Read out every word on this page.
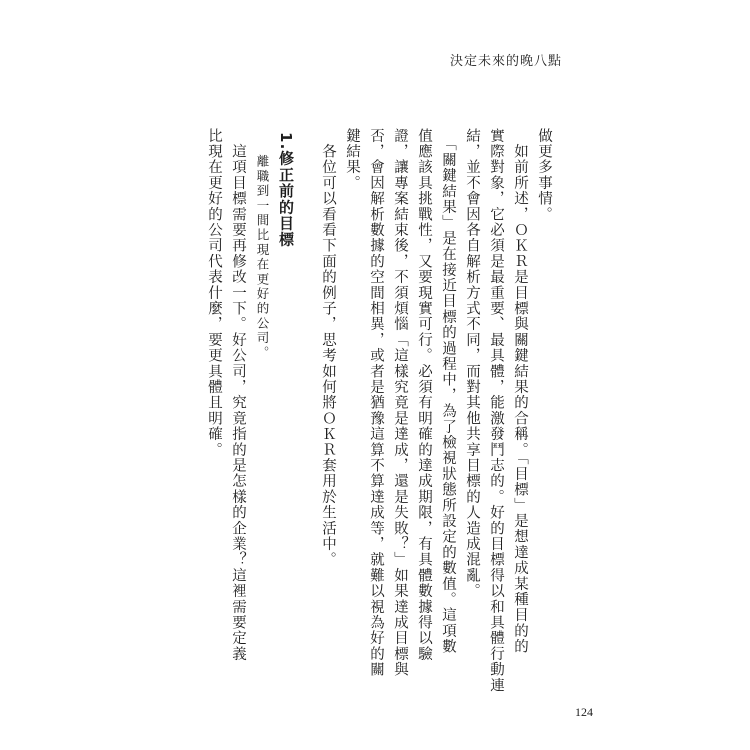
決定未來的晚八點
做更多事情。
　如前所述，ＯＫＲ是目標與關鍵結果的合稱。「目標」是想達成某種目的的
實際對象，它必須是最重要、最具體，能激發鬥志的。好的目標得以和具體行動連
結，並不會因各自解析方式不同，而對其他共享目標的人造成混亂。
　「關鍵結果」是在接近目標的過程中，為了檢視狀態所設定的數值。這項數
值應該具挑戰性，又要現實可行。必須有明確的達成期限，有具體數據得以驗
證，讓專案結束後，不須煩惱「這樣究竟是達成，還是失敗？」如果達成目標與
否，會因解析數據的空間相異，或者是猶豫這算不算達成等，就難以視為好的關
鍵結果。
　各位可以看看下面的例子，思考如何將ＯＫＲ套用於生活中。
1.修正前的目標
　離職到一間比現在更好的公司。
　這項目標需要再修改一下。好公司，究竟指的是怎樣的企業？這裡需要定義
比現在更好的公司代表什麼，要更具體且明確。
124
